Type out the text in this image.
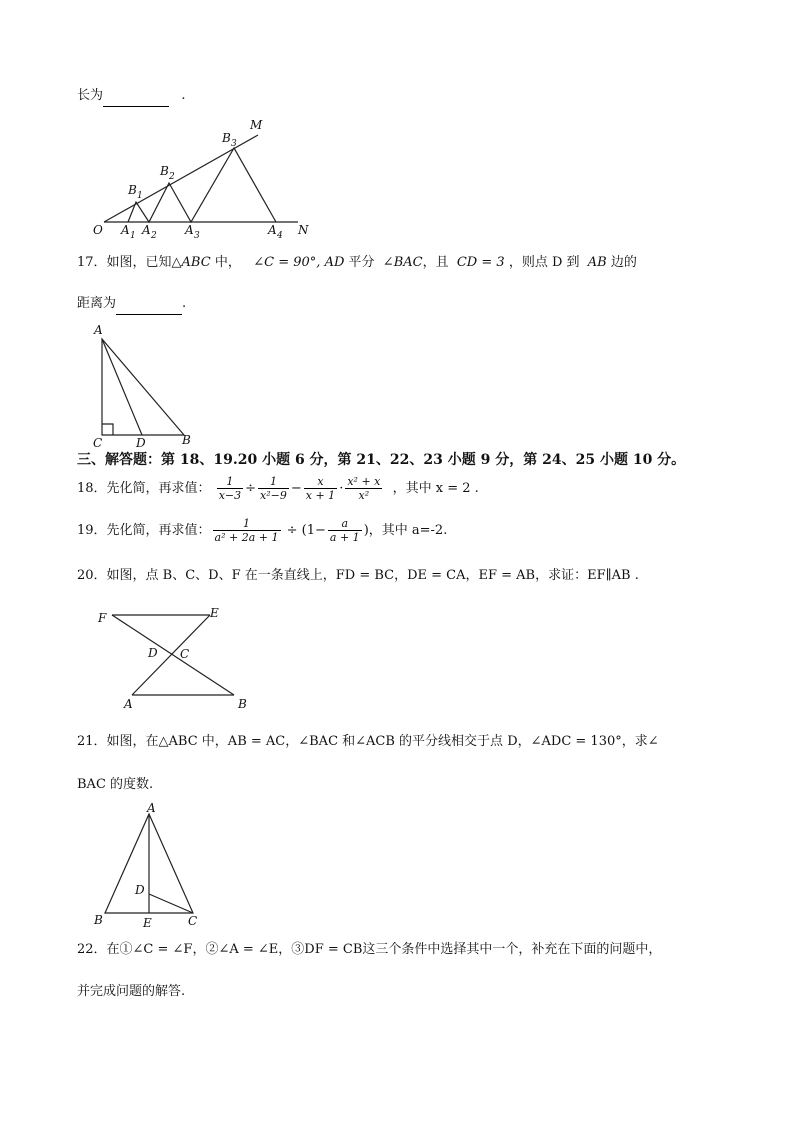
长为	.
O A 1 A 2 A 3	A 4
B 1
B 2
B 3
M
N
17．如图，已知△ABC 中， ∠C = 90°, AD 平分 ∠BAC，且 CD = 3 ，则点 D 到 AB 边的
距离为	.
A
C	D	B
三、解答题：第 18、19.20 小题 6 分，第 21、22、23 小题 9 分，第 24、25 小题 10 分。
18．先化简，再求值： $\frac{1}{x-3} \div \frac{1}{\text{x²−9}} - \frac{x}{x + 1} \cdot \frac{\text{x² + x}}{\text{x²}}$ ，其中 x = 2 .
19．先化简，再求值： $\frac{1}{\text{a² + 2a + 1}} \div (1- \frac{a}{a + 1}$ )，其中 a=-2.
20．如图，点 B、C、D、F 在一条直线上，FD = BC，DE = CA，EF = AB，求证：EF∥AB .
F	E
D C
A	B
21．如图，在△ABC 中，AB = AC，∠BAC 和∠ACB 的平分线相交于点 D，∠ADC = 130°，求∠
BAC 的度数.
A
D
B	E	C
22．在①∠C = ∠F，②∠A = ∠E，③DF = CB这三个条件中选择其中一个，补充在下面的问题中，
并完成问题的解答.
